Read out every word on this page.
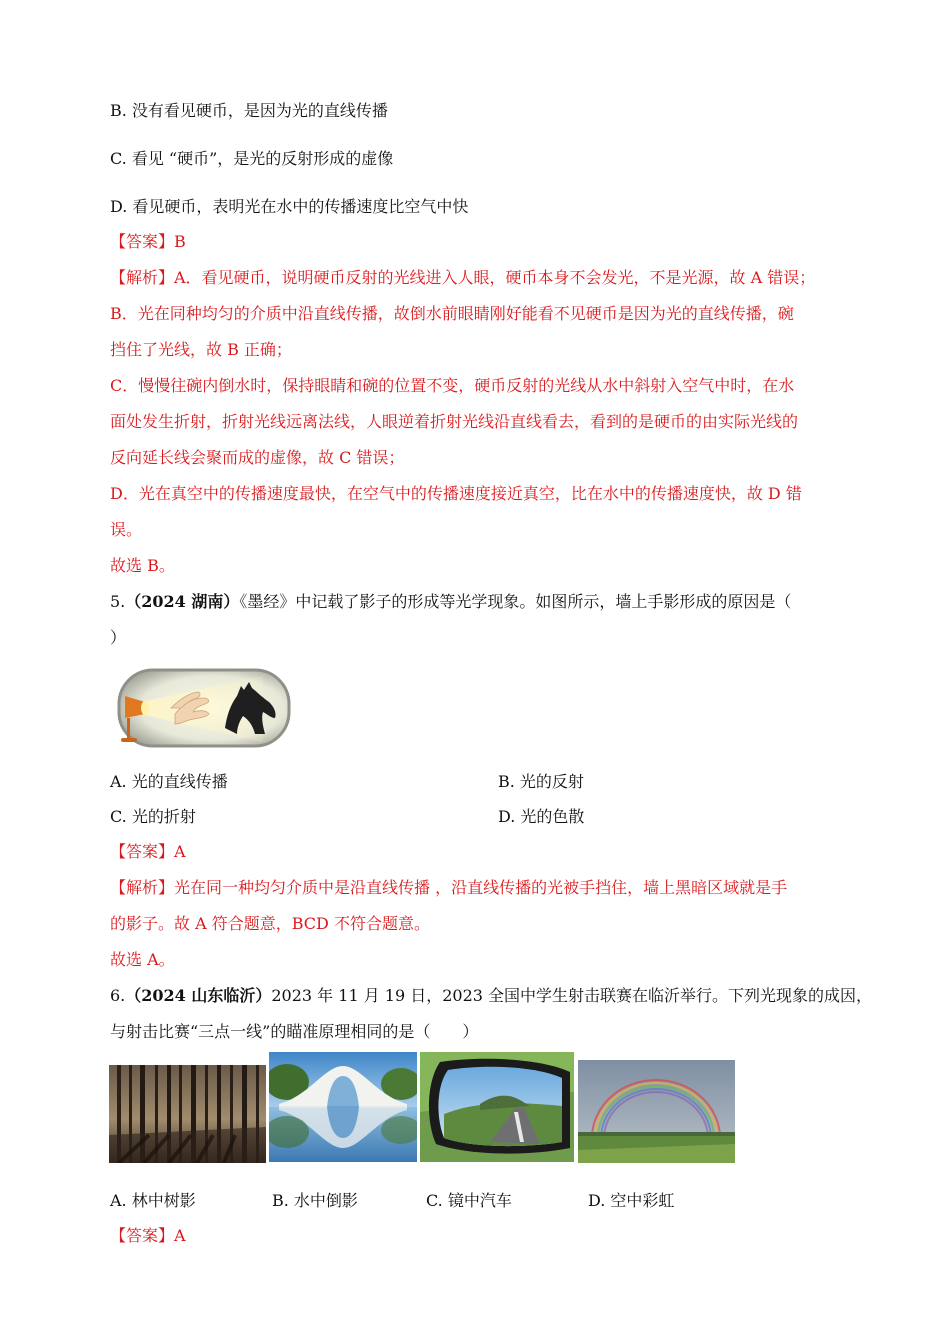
B. 没有看见硬币，是因为光的直线传播
C. 看见 “硬币”，是光的反射形成的虚像
D. 看见硬币，表明光在水中的传播速度比空气中快
【答案】B
【解析】A．看见硬币，说明硬币反射的光线进入人眼，硬币本身不会发光，不是光源，故 A 错误；
B．光在同种均匀的介质中沿直线传播，故倒水前眼睛刚好能看不见硬币是因为光的直线传播，碗
挡住了光线，故 B 正确；
C．慢慢往碗内倒水时，保持眼睛和碗的位置不变，硬币反射的光线从水中斜射入空气中时，在水
面处发生折射，折射光线远离法线，人眼逆着折射光线沿直线看去，看到的是硬币的由实际光线的
反向延长线会聚而成的虚像，故 C 错误；
D．光在真空中的传播速度最快，在空气中的传播速度接近真空，比在水中的传播速度快，故 D 错
误。
故选 B。
5.（2024 湖南）《墨经》中记载了影子的形成等光学现象。如图所示，墙上手影形成的原因是（
）
A. 光的直线传播	B. 光的反射
C. 光的折射	D. 光的色散
【答案】A
【解析】光在同一种均匀介质中是沿直线传播 ，沿直线传播的光被手挡住，墙上黑暗区域就是手
的影子。故 A 符合题意，BCD 不符合题意。
故选 A。
6.（2024 山东临沂）2023 年 11 月 19 日，2023 全国中学生射击联赛在临沂举行。下列光现象的成因，
与射击比赛“三点一线”的瞄准原理相同的是（　　）
A. 林中树影	B. 水中倒影	C. 镜中汽车	D. 空中彩虹
【答案】A
